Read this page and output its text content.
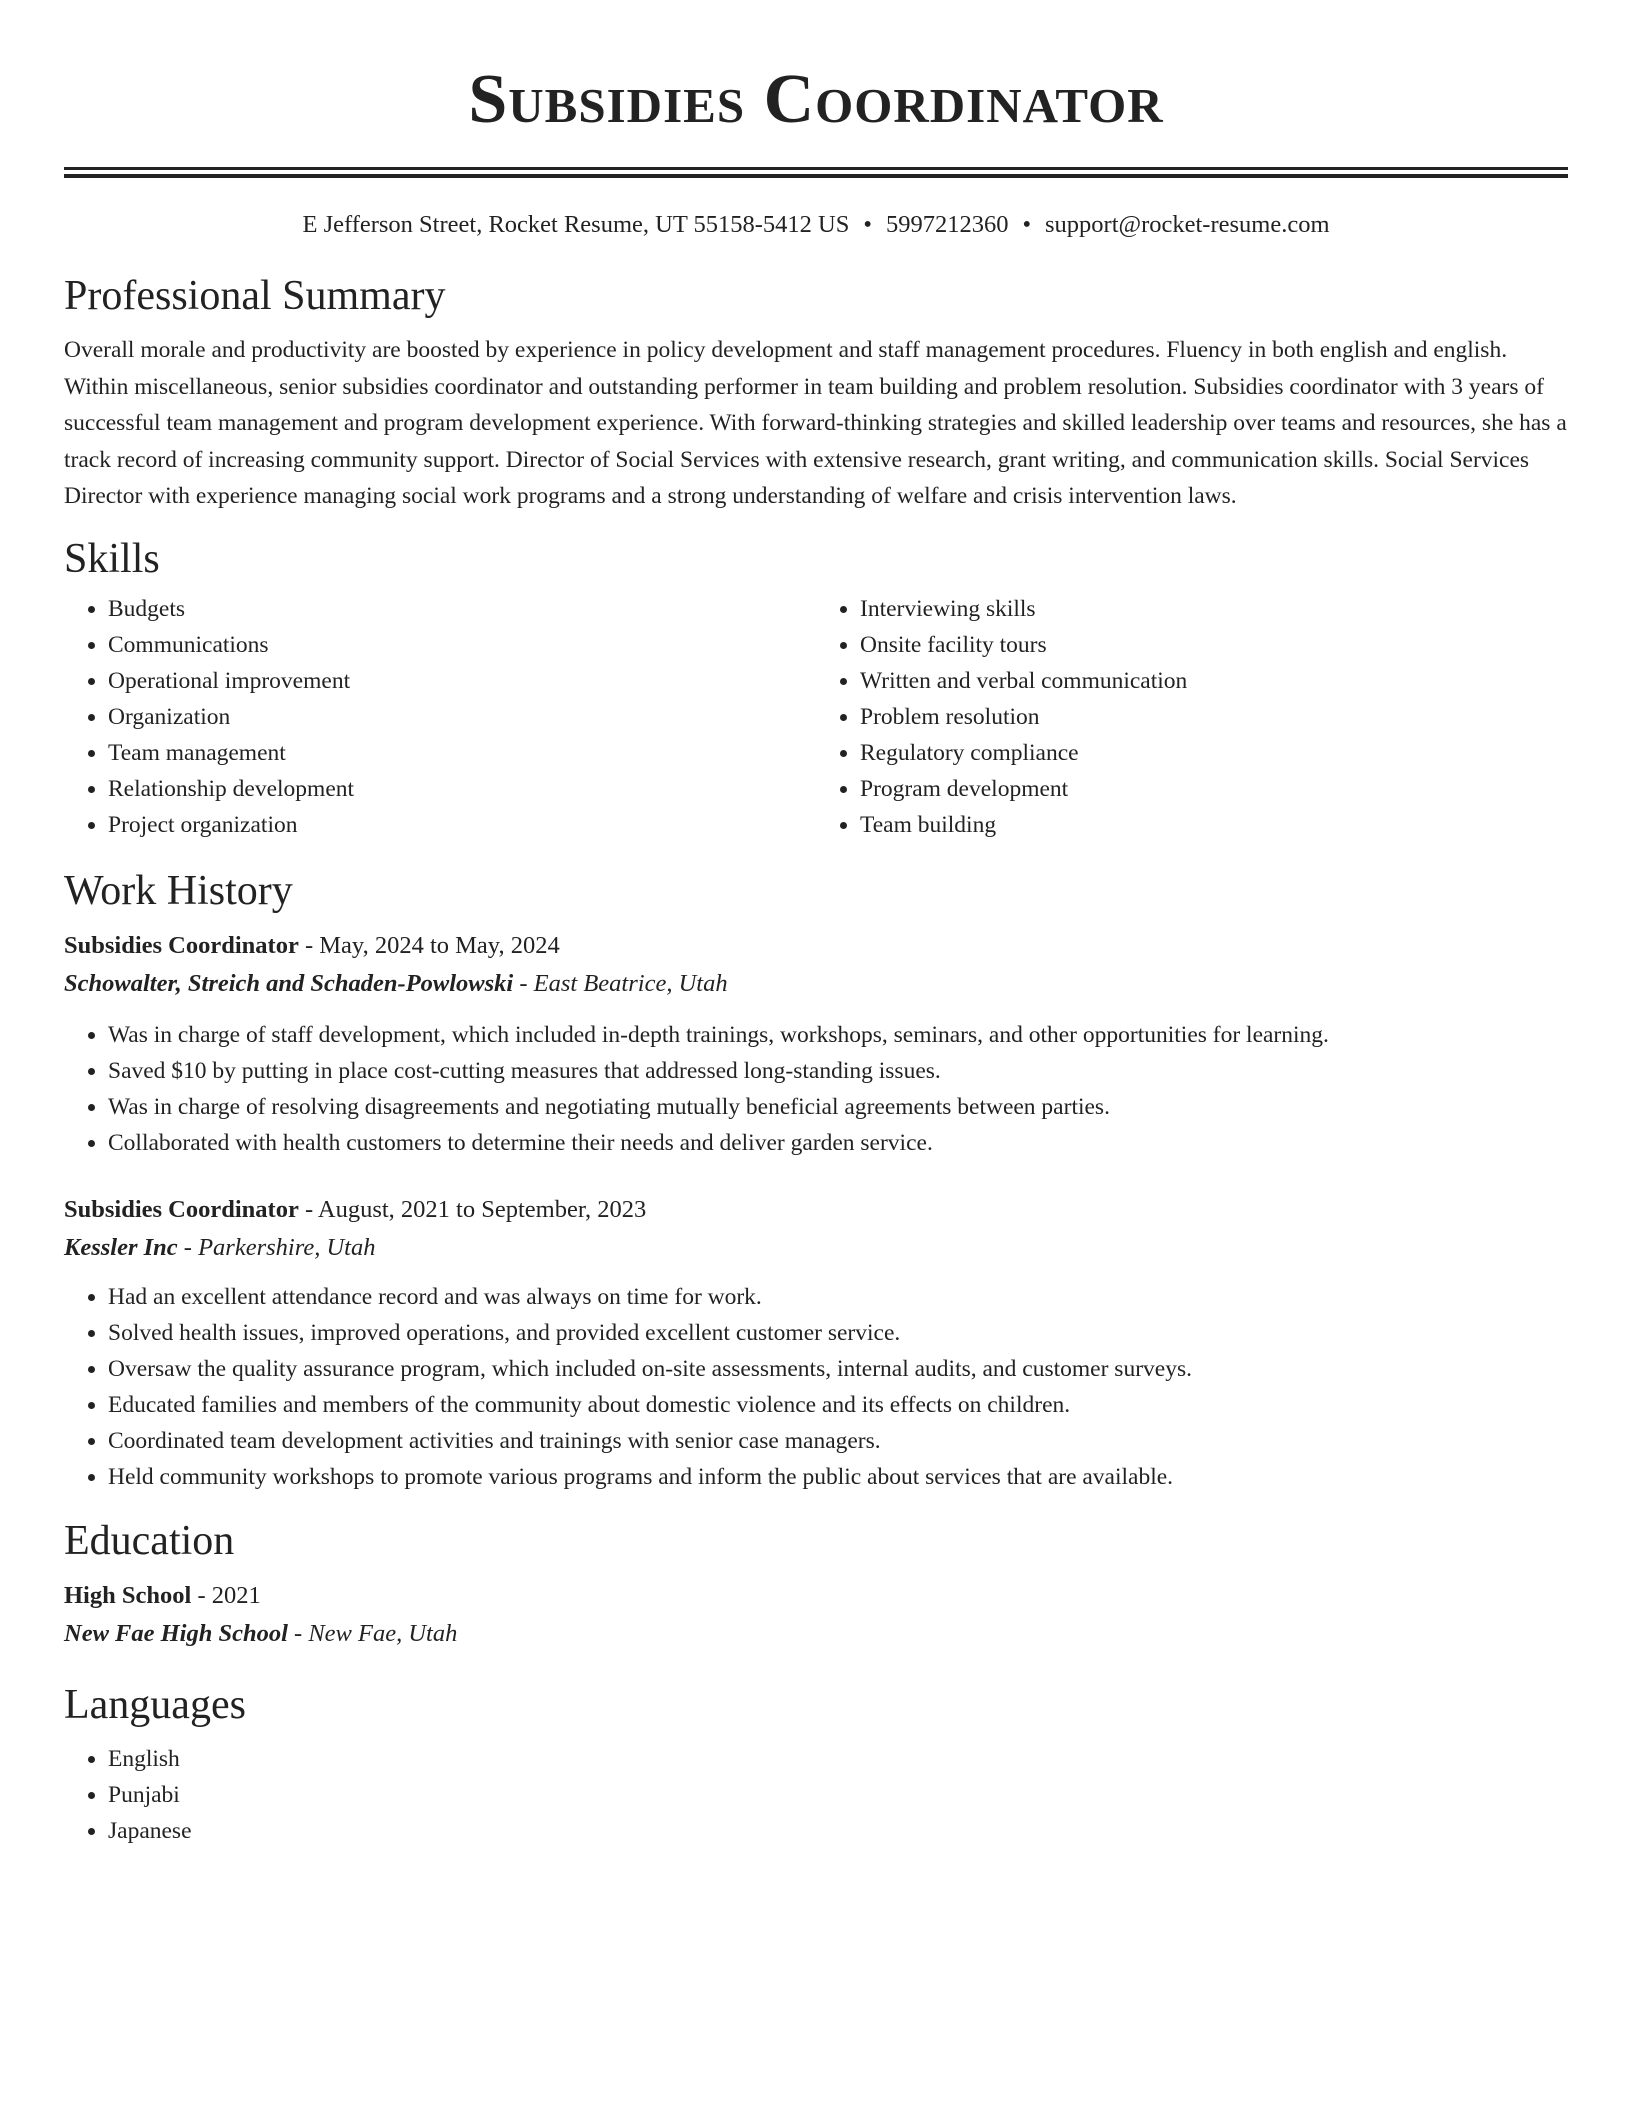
Subsidies Coordinator
E Jefferson Street, Rocket Resume, UT 55158-5412 US • 5997212360 • support@rocket-resume.com
Professional Summary

Overall morale and productivity are boosted by experience in policy development and staff management procedures. Fluency in both english and english. Within miscellaneous, senior subsidies coordinator and outstanding performer in team building and problem resolution. Subsidies coordinator with 3 years of successful team management and program development experience. With forward-thinking strategies and skilled leadership over teams and resources, she has a track record of increasing community support. Director of Social Services with extensive research, grant writing, and communication skills. Social Services Director with experience managing social work programs and a strong understanding of welfare and crisis intervention laws.

Skills
• Budgets
• Communications
• Operational improvement
• Organization
• Team management
• Relationship development
• Project organization
• Interviewing skills
• Onsite facility tours
• Written and verbal communication
• Problem resolution
• Regulatory compliance
• Program development
• Team building
Work History

Subsidies Coordinator - May, 2024 to May, 2024

Schowalter, Streich and Schaden-Powlowski - East Beatrice, Utah

• Was in charge of staff development, which included in-depth trainings, workshops, seminars, and other opportunities for learning.
• Saved $10 by putting in place cost-cutting measures that addressed long-standing issues.
• Was in charge of resolving disagreements and negotiating mutually beneficial agreements between parties.
• Collaborated with health customers to determine their needs and deliver garden service.

Subsidies Coordinator - August, 2021 to September, 2023

Kessler Inc - Parkershire, Utah

• Had an excellent attendance record and was always on time for work.
• Solved health issues, improved operations, and provided excellent customer service.
• Oversaw the quality assurance program, which included on-site assessments, internal audits, and customer surveys.
• Educated families and members of the community about domestic violence and its effects on children.
• Coordinated team development activities and trainings with senior case managers.
• Held community workshops to promote various programs and inform the public about services that are available.
Education

High School - 2021

New Fae High School - New Fae, Utah

Languages
• English
• Punjabi
• Japanese
